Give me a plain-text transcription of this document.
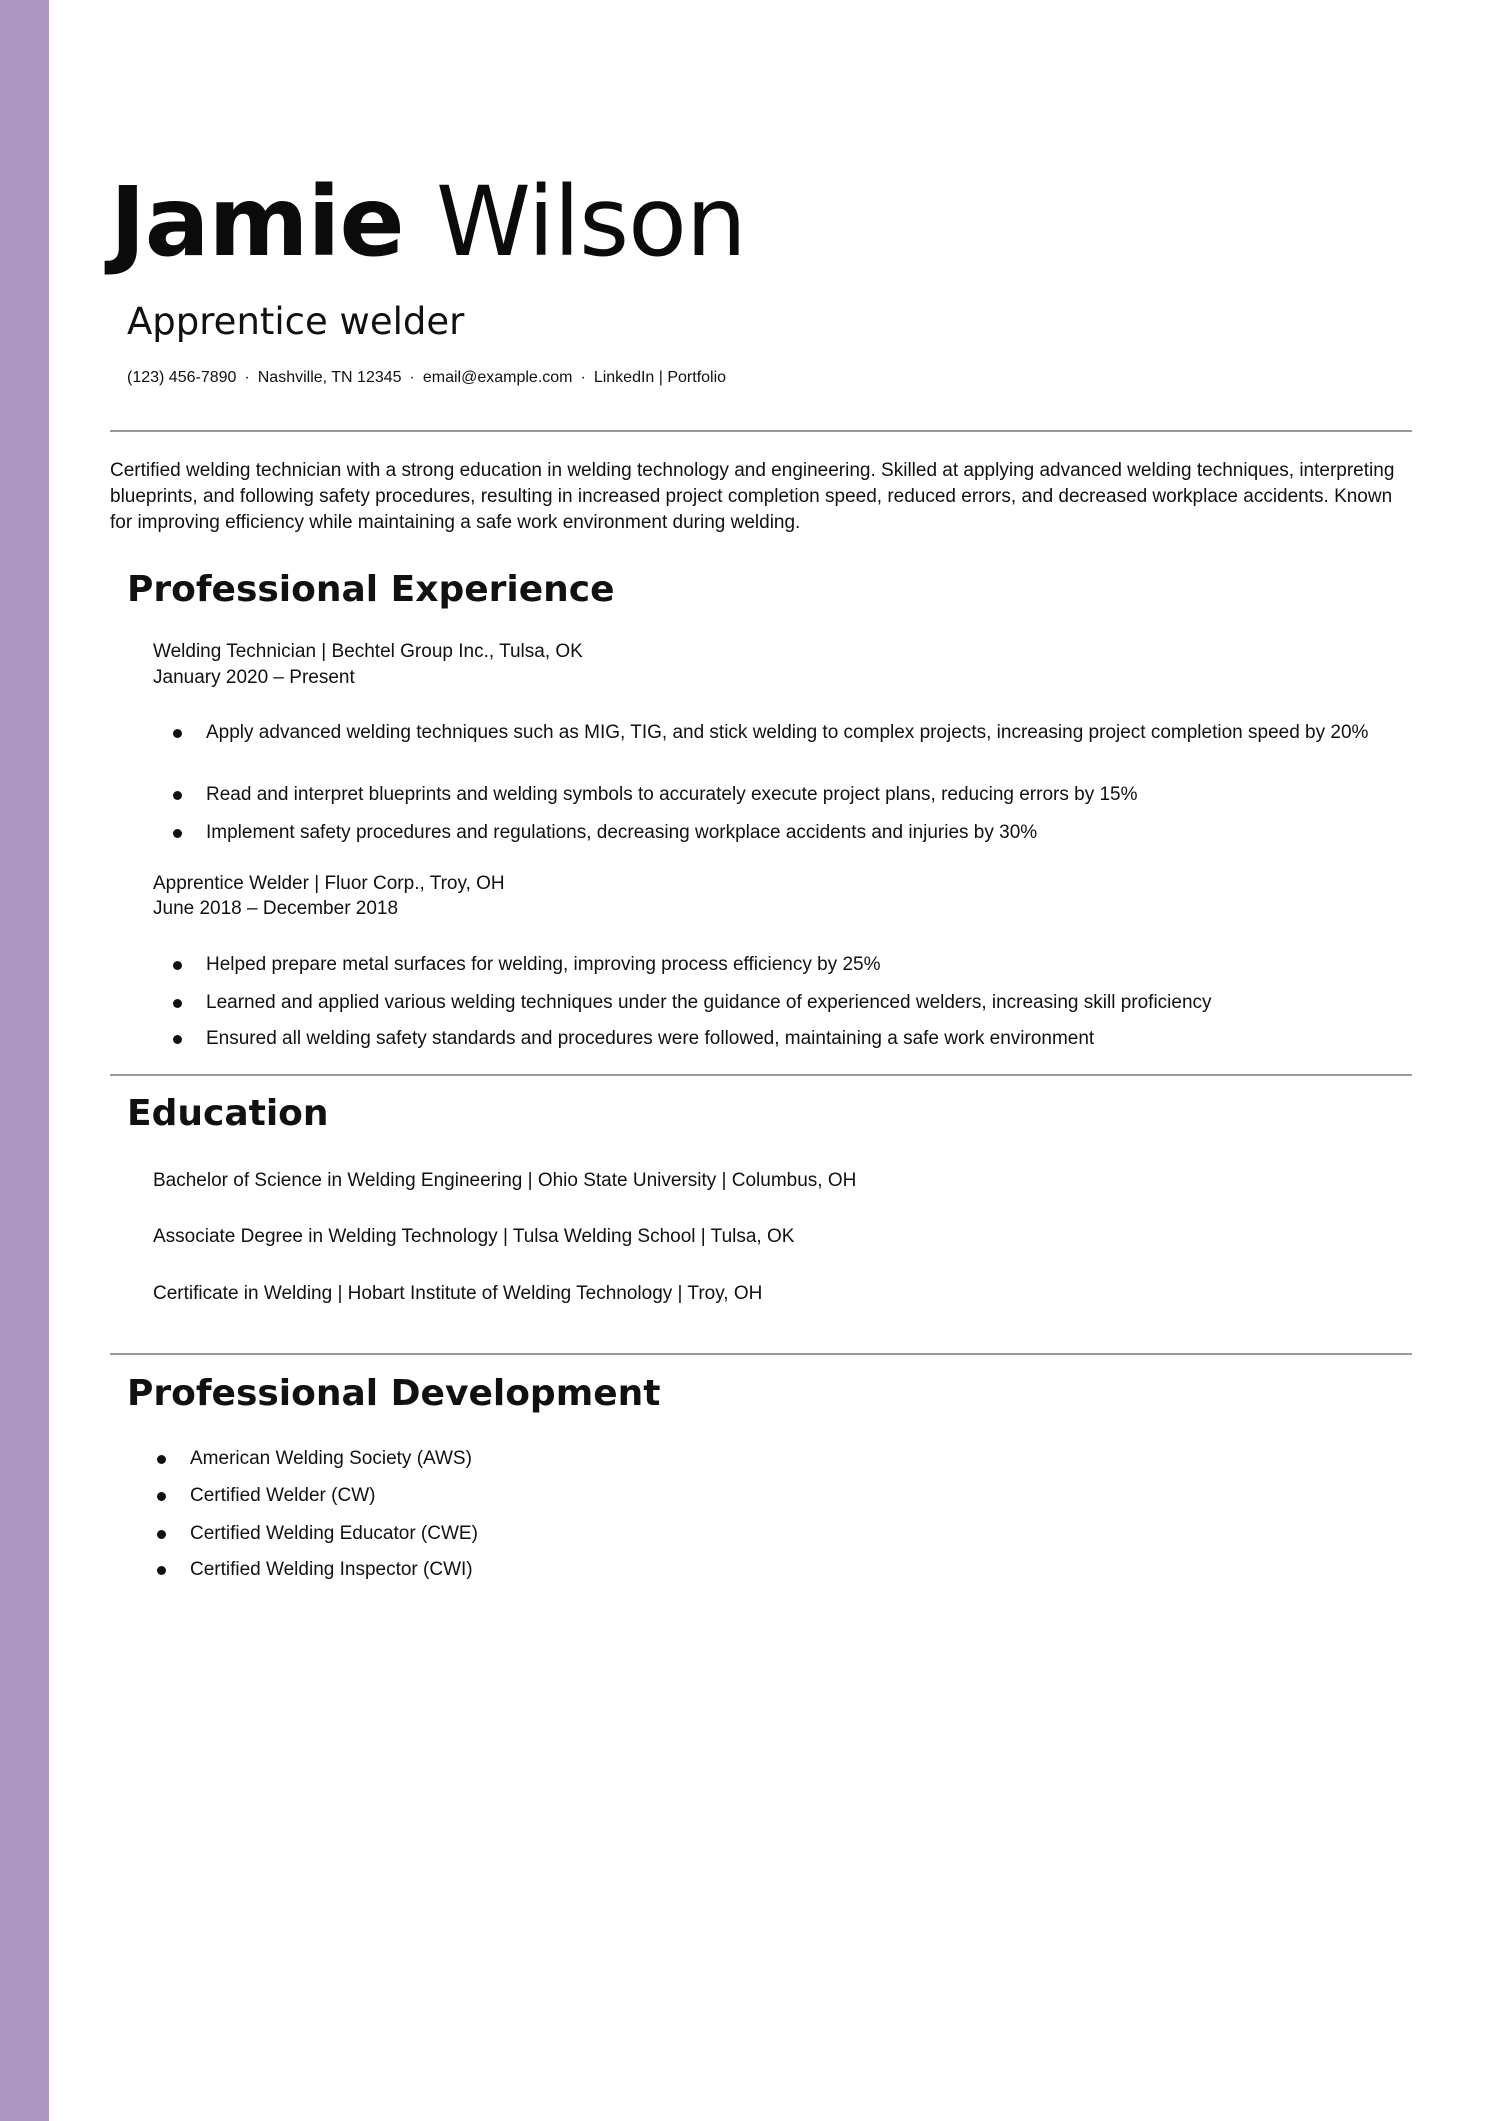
Jamie Wilson
Apprentice welder
(123) 456-7890 · Nashville, TN 12345 · email@example.com · LinkedIn | Portfolio

Certified welding technician with a strong education in welding technology and engineering. Skilled at applying advanced welding techniques, interpreting blueprints, and following safety procedures, resulting in increased project completion speed, reduced errors, and decreased workplace accidents. Known for improving efficiency while maintaining a safe work environment during welding.

Professional Experience
Welding Technician | Bechtel Group Inc., Tulsa, OK
January 2020 – Present
Apply advanced welding techniques such as MIG, TIG, and stick welding to complex projects, increasing project completion speed by 20%
Read and interpret blueprints and welding symbols to accurately execute project plans, reducing errors by 15%
Implement safety procedures and regulations, decreasing workplace accidents and injuries by 30%
Apprentice Welder | Fluor Corp., Troy, OH
June 2018 – December 2018
Helped prepare metal surfaces for welding, improving process efficiency by 25%
Learned and applied various welding techniques under the guidance of experienced welders, increasing skill proficiency
Ensured all welding safety standards and procedures were followed, maintaining a safe work environment
Education
Bachelor of Science in Welding Engineering | Ohio State University | Columbus, OH
Associate Degree in Welding Technology | Tulsa Welding School | Tulsa, OK
Certificate in Welding | Hobart Institute of Welding Technology | Troy, OH
Professional Development
American Welding Society (AWS)
Certified Welder (CW)
Certified Welding Educator (CWE)
Certified Welding Inspector (CWI)
